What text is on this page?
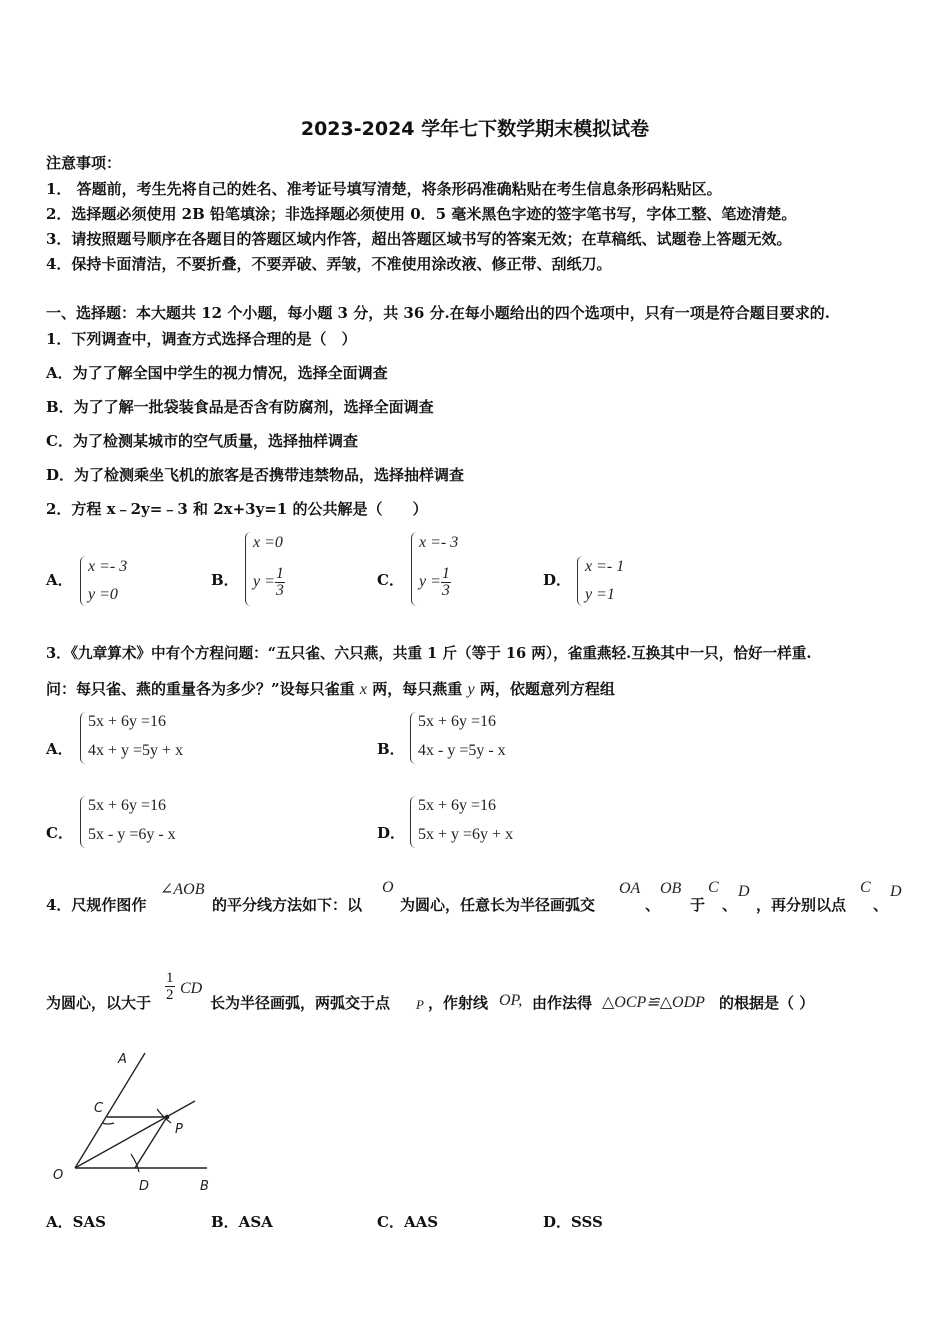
2023-2024 学年七下数学期末模拟试卷
注意事项：
1． 答题前，考生先将自己的姓名、准考证号填写清楚，将条形码准确粘贴在考生信息条形码粘贴区。
2．选择题必须使用 2B 铅笔填涂；非选择题必须使用 0．5 毫米黑色字迹的签字笔书写，字体工整、笔迹清楚。
3．请按照题号顺序在各题目的答题区域内作答，超出答题区域书写的答案无效；在草稿纸、试题卷上答题无效。
4．保持卡面清洁，不要折叠，不要弄破、弄皱，不准使用涂改液、修正带、刮纸刀。
一、选择题：本大题共 12 个小题，每小题 3 分，共 36 分.在每小题给出的四个选项中，只有一项是符合题目要求的.
1．下列调查中，调查方式选择合理的是（　）
A．为了了解全国中学生的视力情况，选择全面调查
B．为了了解一批袋装食品是否含有防腐剂，选择全面调查
C．为了检测某城市的空气质量，选择抽样调查
D．为了检测乘坐飞机的旅客是否携带违禁物品，选择抽样调查
2．方程 x﹣2y=﹣3 和 2x+3y=1 的公共解是（　　）
A．
x =- 3
y =0
B．
x =0
$y = \frac{1}{3}$	C．
x =- 3
$y = \frac{1}{3}$	D．
x =- 1
y =1
3．《九章算术》中有个方程问题：“五只雀、六只燕，共重 1 斤（等于 16 两），雀重燕轻.互换其中一只，恰好一样重.
问：每只雀、燕的重量各为多少？”设每只雀重 x 两，每只燕重 y 两，依题意列方程组
A．
5x + 6y =16
4x + y =5y + x	B．
5x + 6y =16
4x - y =5y - x
C．
5x + 6y =16
5x - y =6y - x	D．
5x + 6y =16
5x + y =6y + x
4．尺规作图作
∠AOB
的平分线方法如下：以
O
为圆心，任意长为半径画弧交
OA
、
OB
于
C
、
D
，再分别以点
C
、
D
为圆心，以大于 $\frac{1}{2}$ CD
长为半径画弧，两弧交于点 P ，作射线 OP, 由作法得 △OCP≌△ODP 的根据是（ ）
A
C
P
O
D	B
A．SAS	B．ASA	C．AAS	D．SSS
